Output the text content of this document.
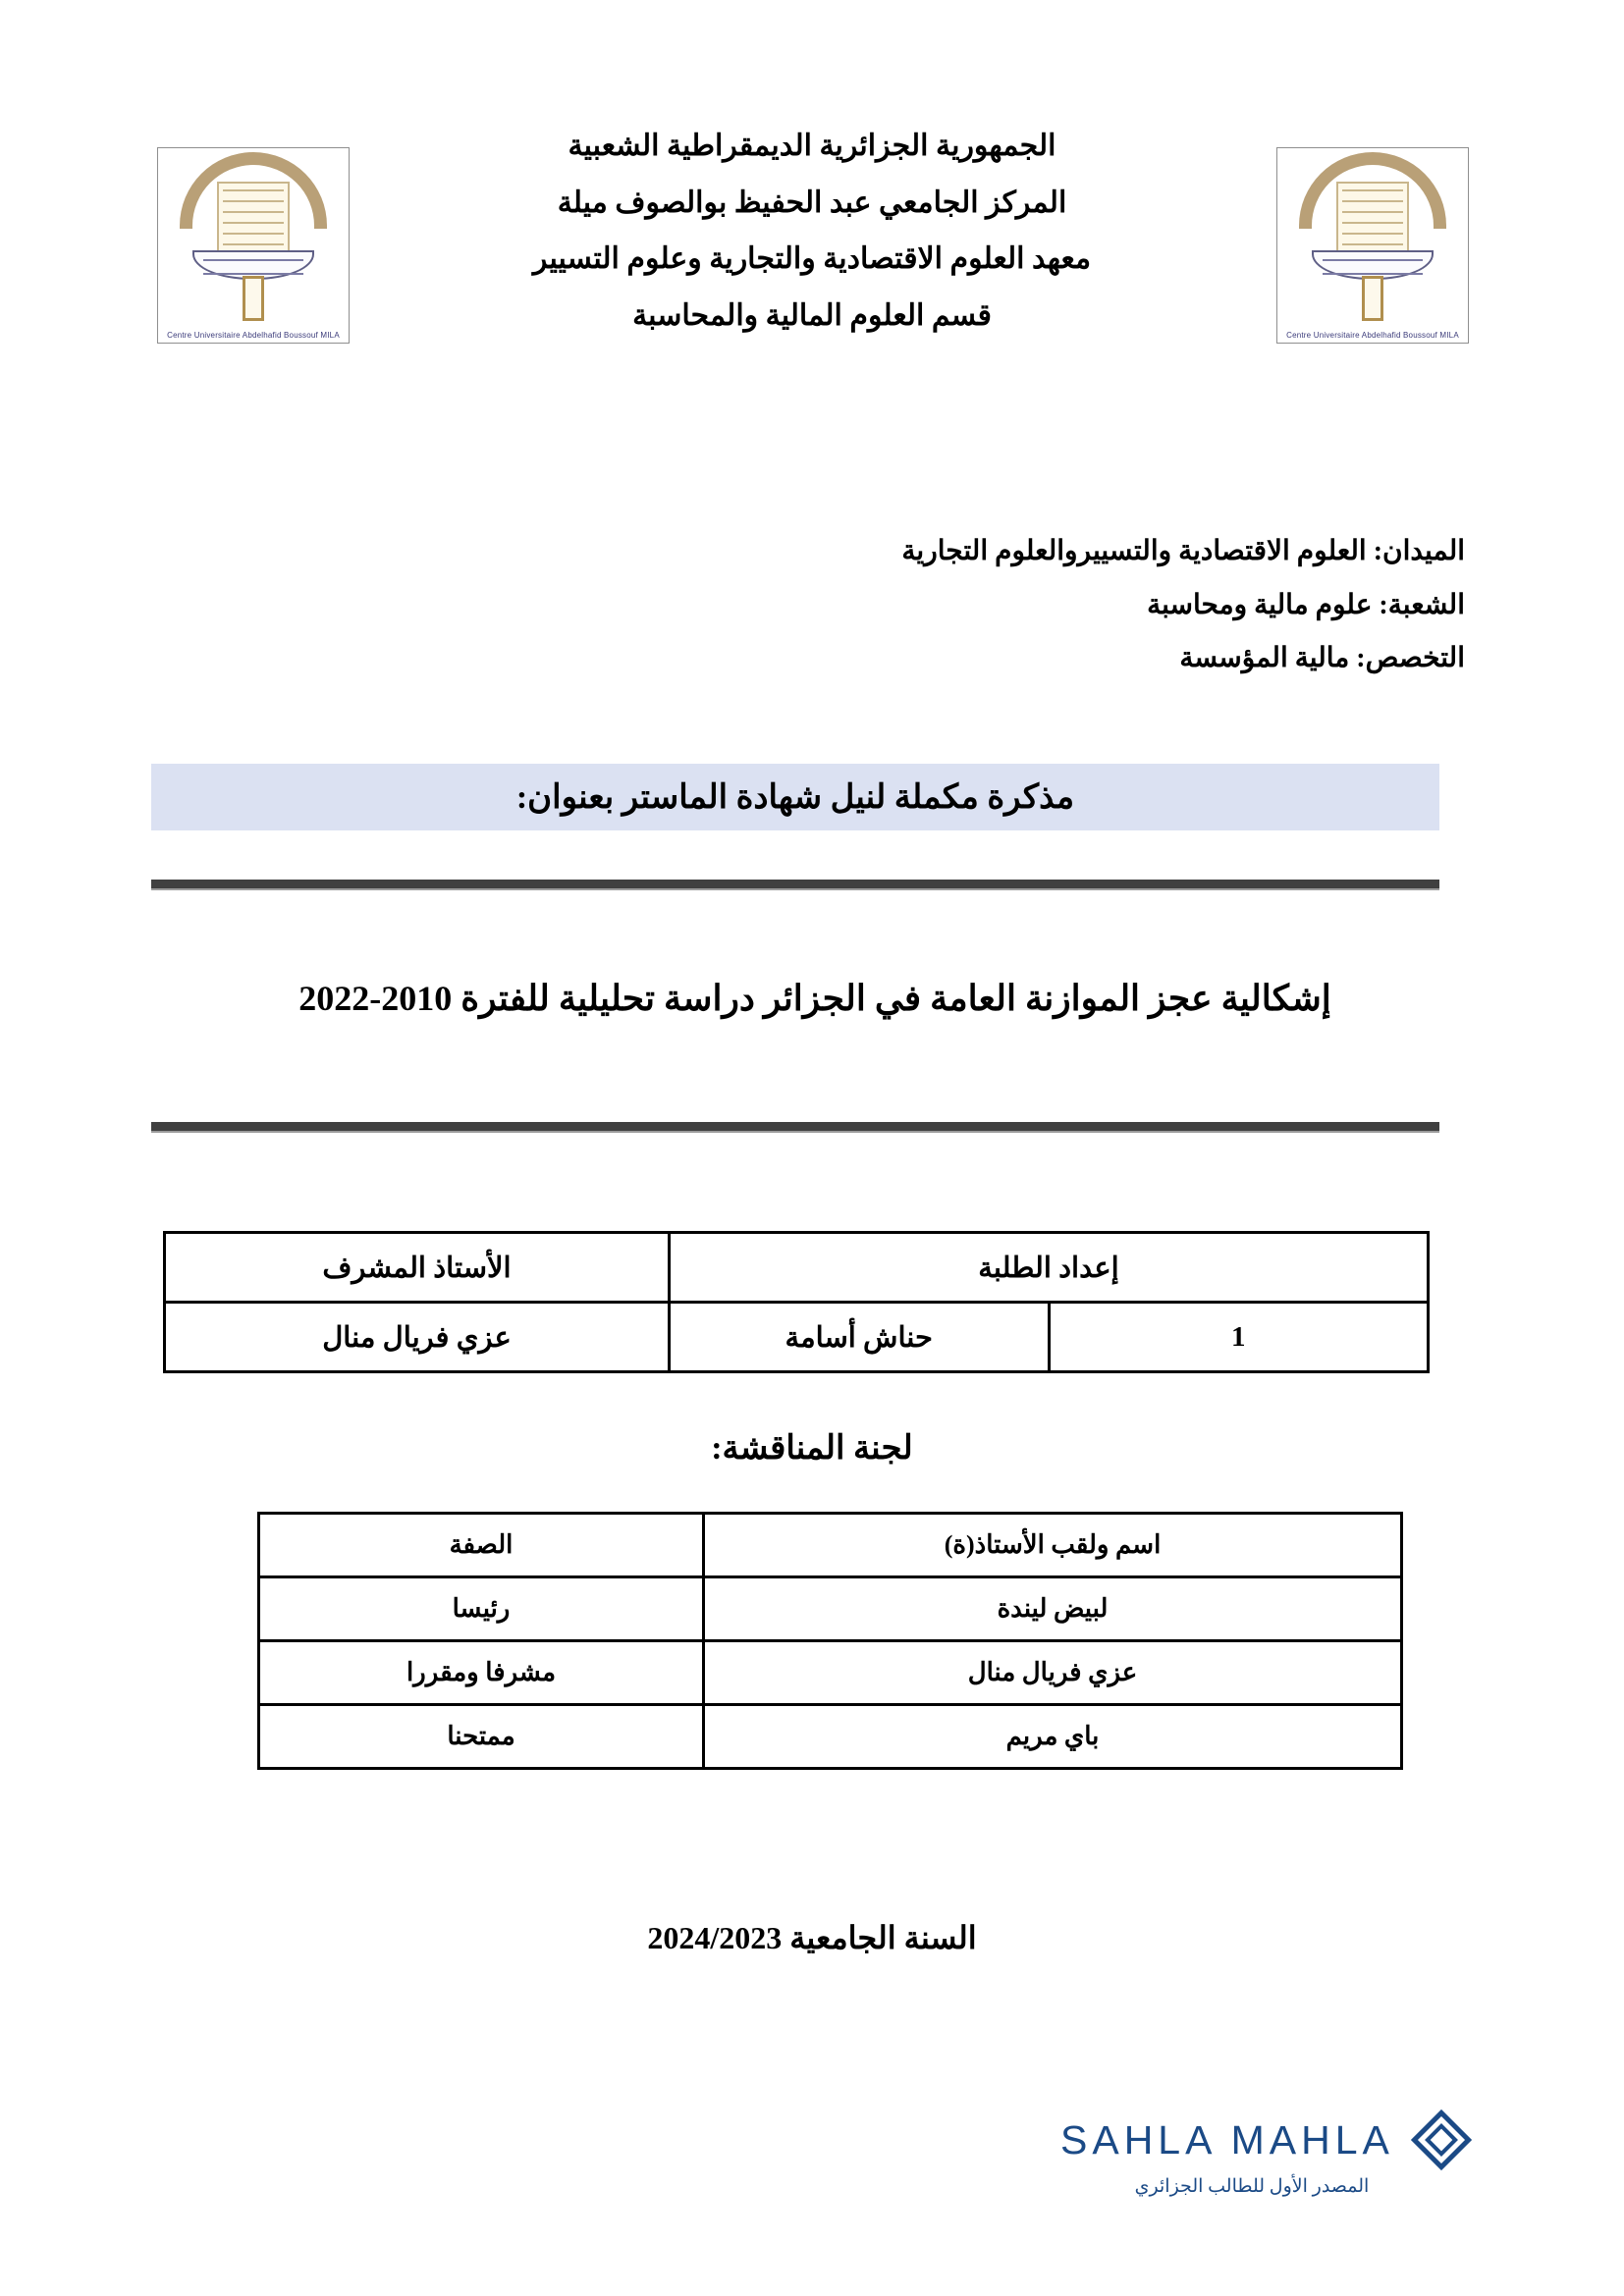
Centre Universitaire Abdelhafid Boussouf MILA	Centre Universitaire Abdelhafid Boussouf MILA
الجمهورية الجزائرية الديمقراطية الشعبية
المركز الجامعي عبد الحفيظ بوالصوف ميلة
معهد العلوم الاقتصادية والتجارية وعلوم التسيير
قسم العلوم المالية والمحاسبة
الميدان: العلوم الاقتصادية والتسييروالعلوم التجارية
الشعبة: علوم مالية ومحاسبة
التخصص: مالية المؤسسة
مذكرة مكملة لنيل شهادة الماستر بعنوان:
إشكالية عجز الموازنة العامة في الجزائر دراسة تحليلية للفترة 2010-2022
إعداد الطلبة		الأستاذ المشرف
1	حناش أسامة	عزي فريال منال
لجنة المناقشة:
اسم ولقب الأستاذ(ة)	الصفة
لبيض ليندة	رئيسا
عزي فريال منال	مشرفا ومقررا
باي مريم	ممتحنا
السنة الجامعية 2024/2023
SAHLA MAHLA
المصدر الأول للطالب الجزائري
